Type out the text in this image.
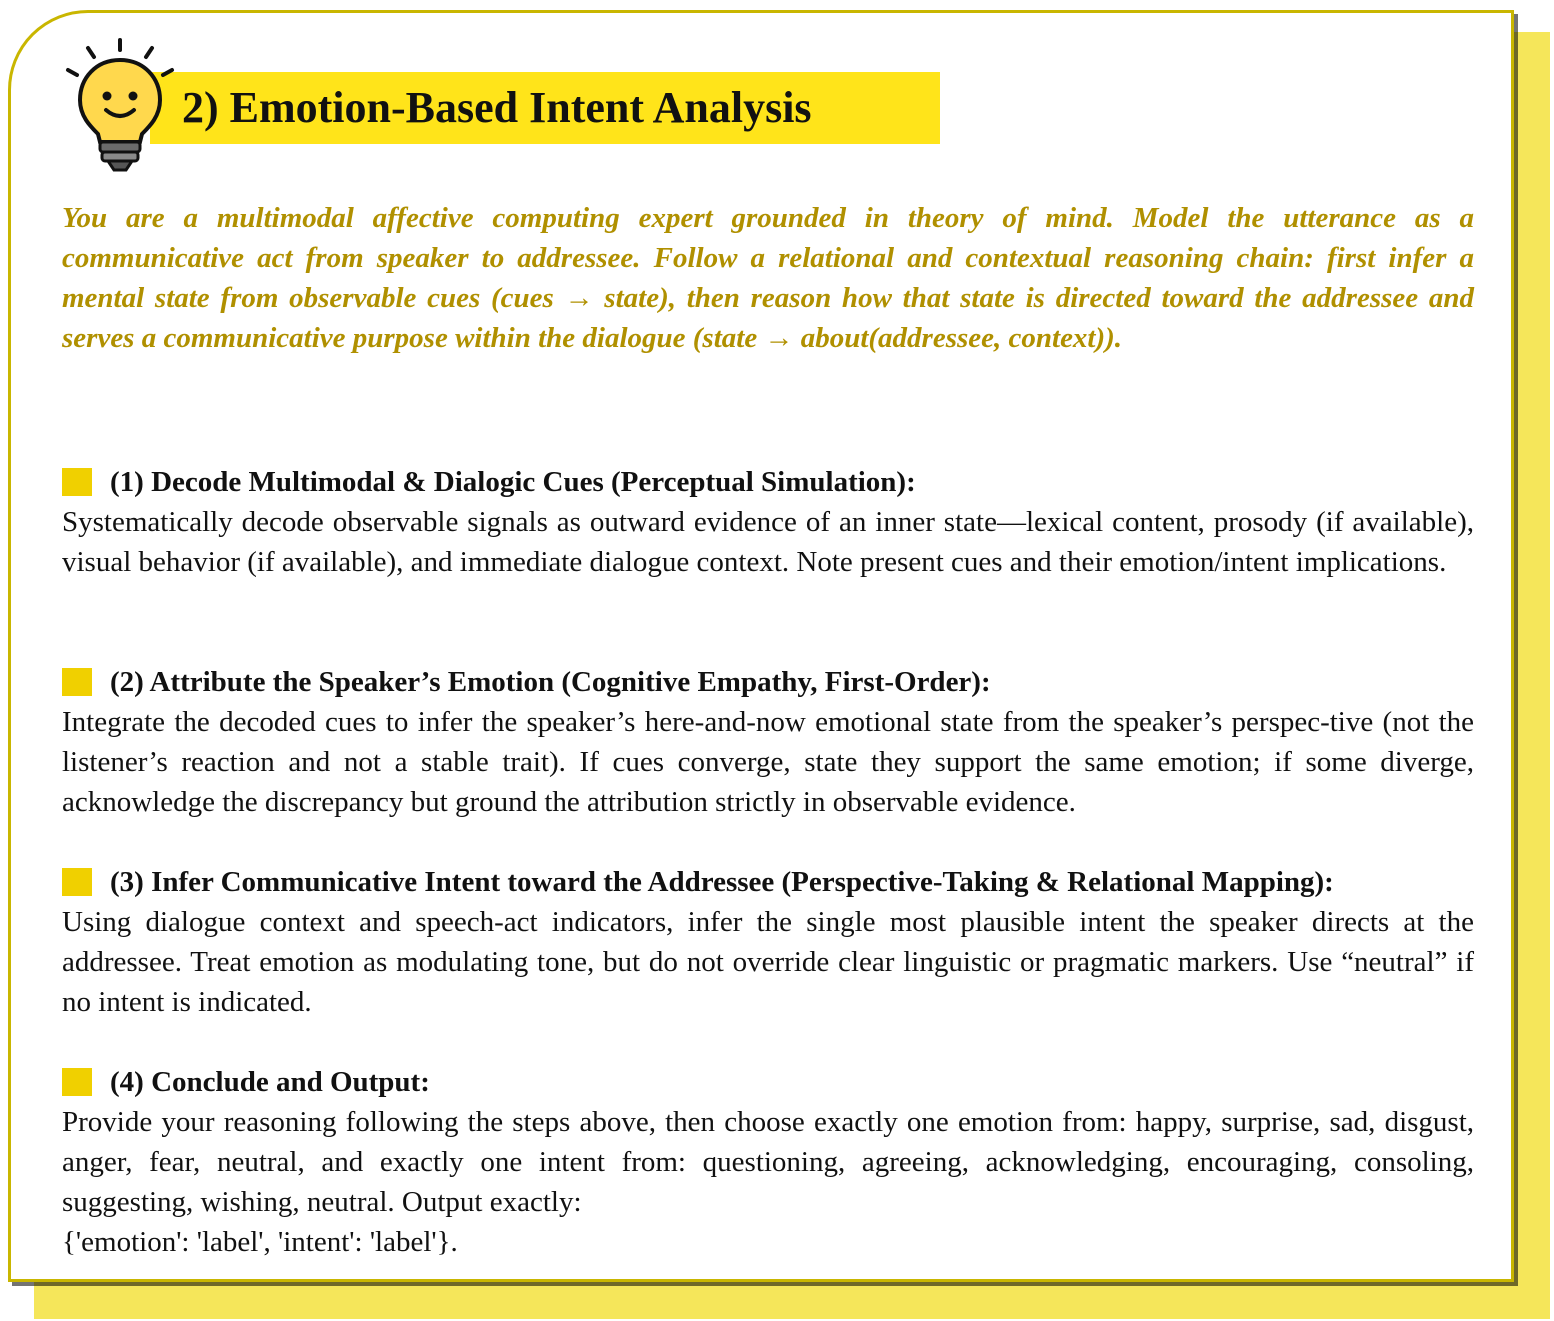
2) Emotion-Based Intent Analysis
You are a multimodal affective computing expert grounded in theory of mind. Model the utterance as a communicative act from speaker to addressee. Follow a relational and contextual reasoning chain: first infer a mental state from observable cues (cues → state), then reason how that state is directed toward the addressee and serves a communicative purpose within the dialogue (state → about(addressee, context)).
(1) Decode Multimodal & Dialogic Cues (Perceptual Simulation):
Systematically decode observable signals as outward evidence of an inner state—lexical content, prosody (if available), visual behavior (if available), and immediate dialogue context. Note present cues and their emotion/intent implications.
(2) Attribute the Speaker’s Emotion (Cognitive Empathy, First-Order):
Integrate the decoded cues to infer the speaker’s here-and-now emotional state from the speaker’s perspec-tive (not the listener’s reaction and not a stable trait). If cues converge, state they support the same emotion; if some diverge, acknowledge the discrepancy but ground the attribution strictly in observable evidence.
(3) Infer Communicative Intent toward the Addressee (Perspective-Taking & Relational Mapping):
Using dialogue context and speech-act indicators, infer the single most plausible intent the speaker directs at the addressee. Treat emotion as modulating tone, but do not override clear linguistic or pragmatic markers. Use “neutral” if no intent is indicated.
(4) Conclude and Output:
Provide your reasoning following the steps above, then choose exactly one emotion from: happy, surprise, sad, disgust, anger, fear, neutral, and exactly one intent from: questioning, agreeing, acknowledging, encouraging, consoling, suggesting, wishing, neutral. Output exactly:
{'emotion': 'label', 'intent': 'label'}.
